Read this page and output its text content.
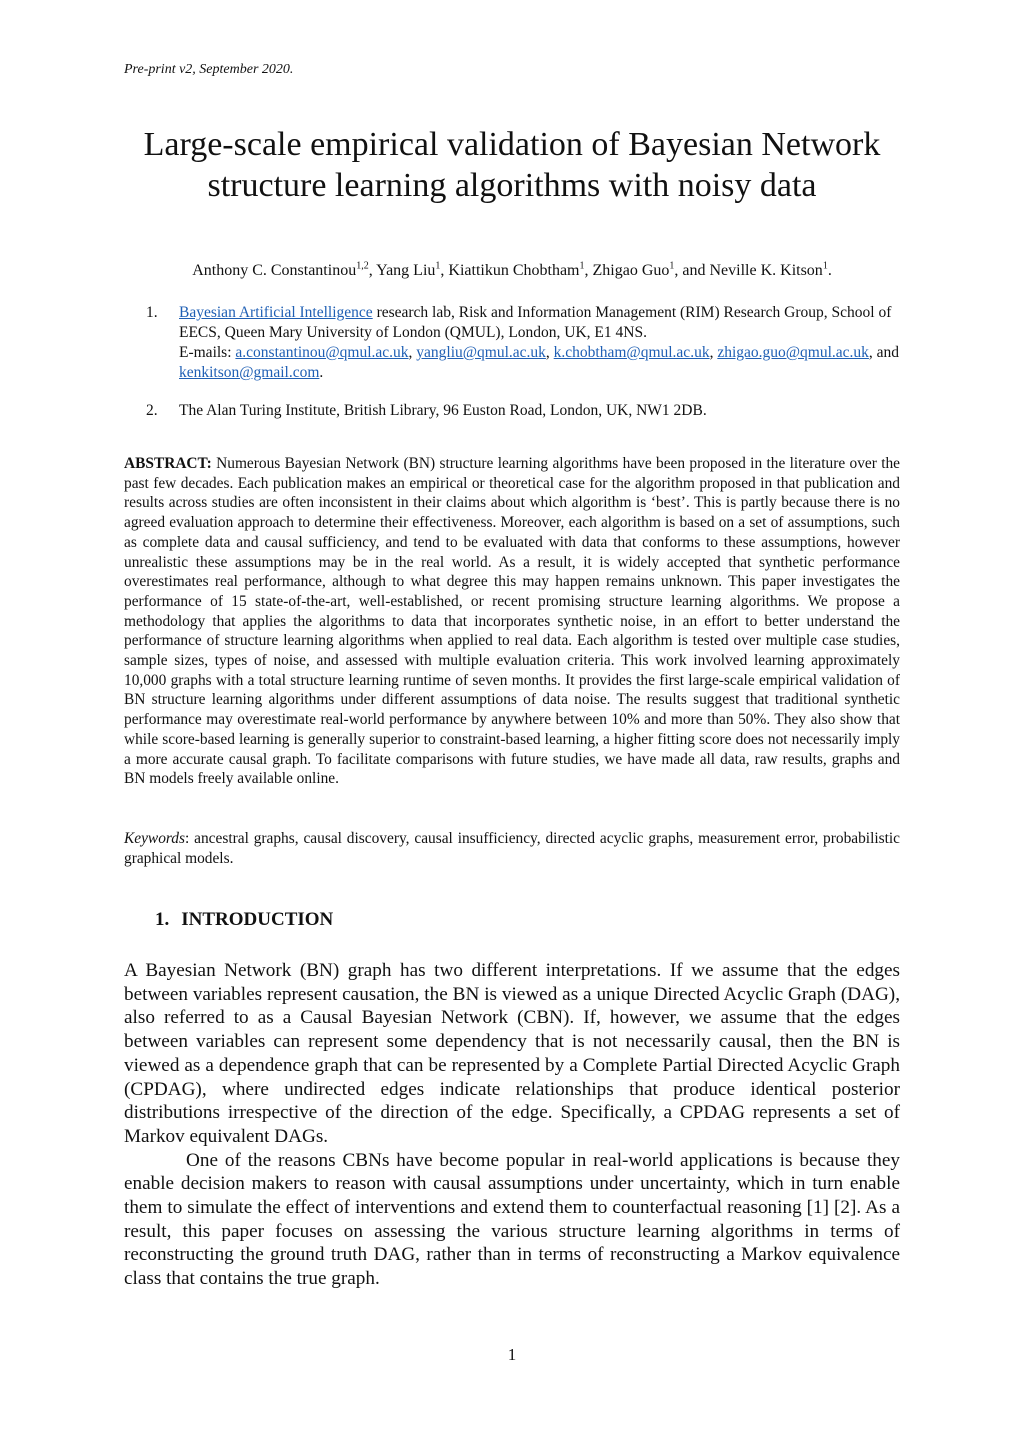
Pre-print v2, September 2020.
Large-scale empirical validation of Bayesian Network
structure learning algorithms with noisy data
Anthony C. Constantinou$^{1,2}$, Yang Liu$^1$, Kiattikun Chobtham$^1$, Zhigao Guo$^1$, and Neville K. Kitson$^1$.
1. Bayesian Artificial Intelligence research lab, Risk and Information Management (RIM) Research Group, School of EECS, Queen Mary University of London (QMUL), London, UK, E1 4NS.
E-mails: a.constantinou@qmul.ac.uk, yangliu@qmul.ac.uk, k.chobtham@qmul.ac.uk, zhigao.guo@qmul.ac.uk, and kenkitson@gmail.com.
2. The Alan Turing Institute, British Library, 96 Euston Road, London, UK, NW1 2DB.

ABSTRACT: Numerous Bayesian Network (BN) structure learning algorithms have been proposed in the literature over the past few decades. Each publication makes an empirical or theoretical case for the algorithm proposed in that publication and results across studies are often inconsistent in their claims about which algorithm is ‘best’. This is partly because there is no agreed evaluation approach to determine their effectiveness. Moreover, each algorithm is based on a set of assumptions, such as complete data and causal sufficiency, and tend to be evaluated with data that conforms to these assumptions, however unrealistic these assumptions may be in the real world. As a result, it is widely accepted that synthetic performance overestimates real performance, although to what degree this may happen remains unknown. This paper investigates the performance of 15 state-of-the-art, well-established, or recent promising structure learning algorithms. We propose a methodology that applies the algorithms to data that incorporates synthetic noise, in an effort to better understand the performance of structure learning algorithms when applied to real data. Each algorithm is tested over multiple case studies, sample sizes, types of noise, and assessed with multiple evaluation criteria. This work involved learning approximately 10,000 graphs with a total structure learning runtime of seven months. It provides the first large-scale empirical validation of BN structure learning algorithms under different assumptions of data noise. The results suggest that traditional synthetic performance may overestimate real-world performance by anywhere between 10% and more than 50%. They also show that while score-based learning is generally superior to constraint-based learning, a higher fitting score does not necessarily imply a more accurate causal graph. To facilitate comparisons with future studies, we have made all data, raw results, graphs and BN models freely available online.

Keywords: ancestral graphs, causal discovery, causal insufficiency, directed acyclic graphs, measurement error, probabilistic graphical models.

1. INTRODUCTION

A Bayesian Network (BN) graph has two different interpretations. If we assume that the edges between variables represent causation, the BN is viewed as a unique Directed Acyclic Graph (DAG), also referred to as a Causal Bayesian Network (CBN). If, however, we assume that the edges between variables can represent some dependency that is not necessarily causal, then the BN is viewed as a dependence graph that can be represented by a Complete Partial Directed Acyclic Graph (CPDAG), where undirected edges indicate relationships that produce identical posterior distributions irrespective of the direction of the edge. Specifically, a CPDAG represents a set of Markov equivalent DAGs.

One of the reasons CBNs have become popular in real-world applications is because they enable decision makers to reason with causal assumptions under uncertainty, which in turn enable them to simulate the effect of interventions and extend them to counterfactual reasoning [1] [2]. As a result, this paper focuses on assessing the various structure learning algorithms in terms of reconstructing the ground truth DAG, rather than in terms of reconstructing a Markov equivalence class that contains the true graph.

1
